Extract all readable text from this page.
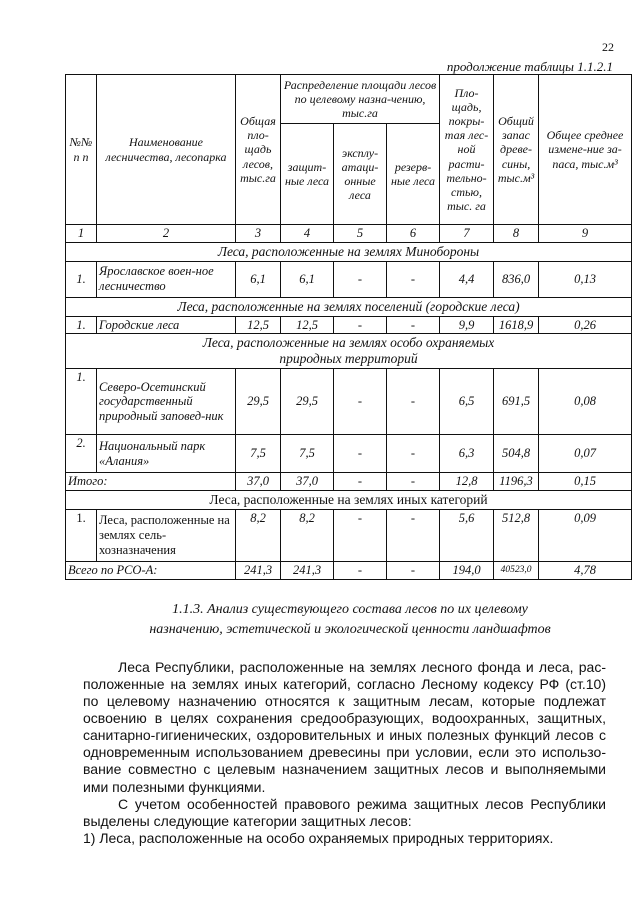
22
продолжение таблицы 1.1.2.1
№№ п п	Наименование лесничества, лесопарка	Общая пло-щадь лесов, тыс.га	Распределение площади лесов по целевому назна-чению, тыс.га			Пло-щадь, покры-тая лес-ной расти-тельно-стью, тыс. га	Общий запас древе-сины, тыс.м³	Общее среднее измене-ние за-паса, тыс.м³
			защит-ные леса	эксплу-атаци-онные леса	резерв-ные леса			
1	2	3	4	5	6	7	8	9
Леса, расположенные на землях Минобороны								
1.	Ярославское воен-ное лесничество	6,1	6,1	-	-	4,4	836,0	0,13
Леса, расположенные на землях поселений (городские леса)								
1.	Городские леса	12,5	12,5	-	-	9,9	1618,9	0,26
Леса, расположенные на землях особо охраняемых природных территорий								
1.	Северо-Осетинский государственный природный заповед-ник	29,5	29,5	-	-	6,5	691,5	0,08
2.	Национальный парк «Алания»	7,5	7,5	-	-	6,3	504,8	0,07
Итого:		37,0	37,0	-	-	12,8	1196,3	0,15
Леса, расположенные на землях иных категорий								
1.	Леса, расположенные на землях сель-хозназначения	8,2	8,2	-	-	5,6	512,8	0,09
Всего по РСО-А:		241,3	241,3	-	-	194,0	40523,0	4,78
1.1.3. Анализ существующего состава лесов по их целевому
назначению, эстетической и экологической ценности ландшафтов

Леса Республики, расположенные на землях лесного фонда и леса, рас-положенные на землях иных категорий, согласно Лесному кодексу РФ (ст.10) по целевому назначению относятся к защитным лесам, которые подлежат освоению в целях сохранения средообразующих, водоохранных, защитных, санитарно-гигиенических, оздоровительных и иных полезных функций лесов с одновременным использованием древесины при условии, если это использо-вание совместно с целевым назначением защитных лесов и выполняемыми ими полезными функциями.

С учетом особенностей правового режима защитных лесов Республики выделены следующие категории защитных лесов:

1) Леса, расположенные на особо охраняемых природных территориях.
